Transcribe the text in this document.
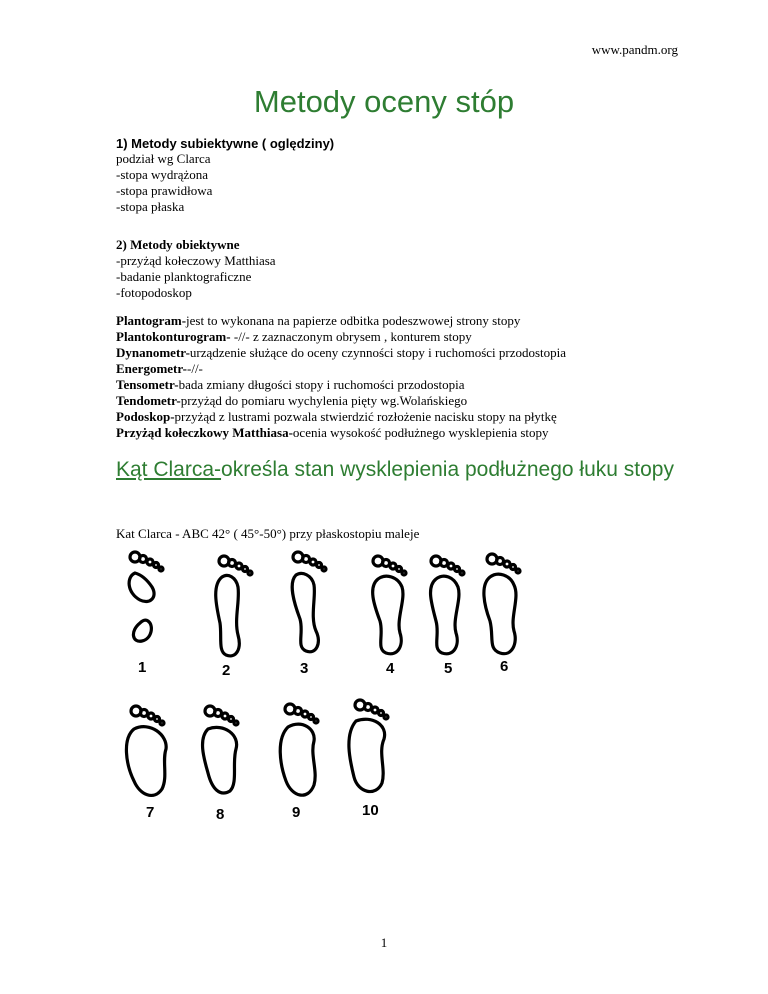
www.pandm.org
Metody oceny stóp
1) Metody subiektywne ( oględziny)
podział wg Clarca
-stopa wydrążona
-stopa prawidłowa
-stopa płaska
2) Metody obiektywne
-przyżąd kołeczowy Matthiasa
-badanie planktograficzne
-fotopodoskop
Plantogram-jest to wykonana na papierze odbitka podeszwowej strony stopy
Plantokonturogram- -//- z zaznaczonym obrysem , konturem stopy
Dynanometr-urządzenie służące do oceny czynności stopy i ruchomości przodostopia
Energometr--//-
Tensometr-bada zmiany długości stopy i ruchomości przodostopia
Tendometr-przyżąd do pomiaru wychylenia pięty wg.Wolańskiego
Podoskop-przyżąd z lustrami pozwala stwierdzić rozłożenie nacisku stopy na płytkę
Przyżąd kołeczkowy Matthiasa-ocenia wysokość podłużnego wysklepienia stopy
Kąt Clarca-określa stan wysklepienia podłużnego łuku stopy
Kat Clarca - ABC 42° ( 45°-50°) przy płaskostopiu maleje
1	2	3	4	5	6
7	8	9	10
1
